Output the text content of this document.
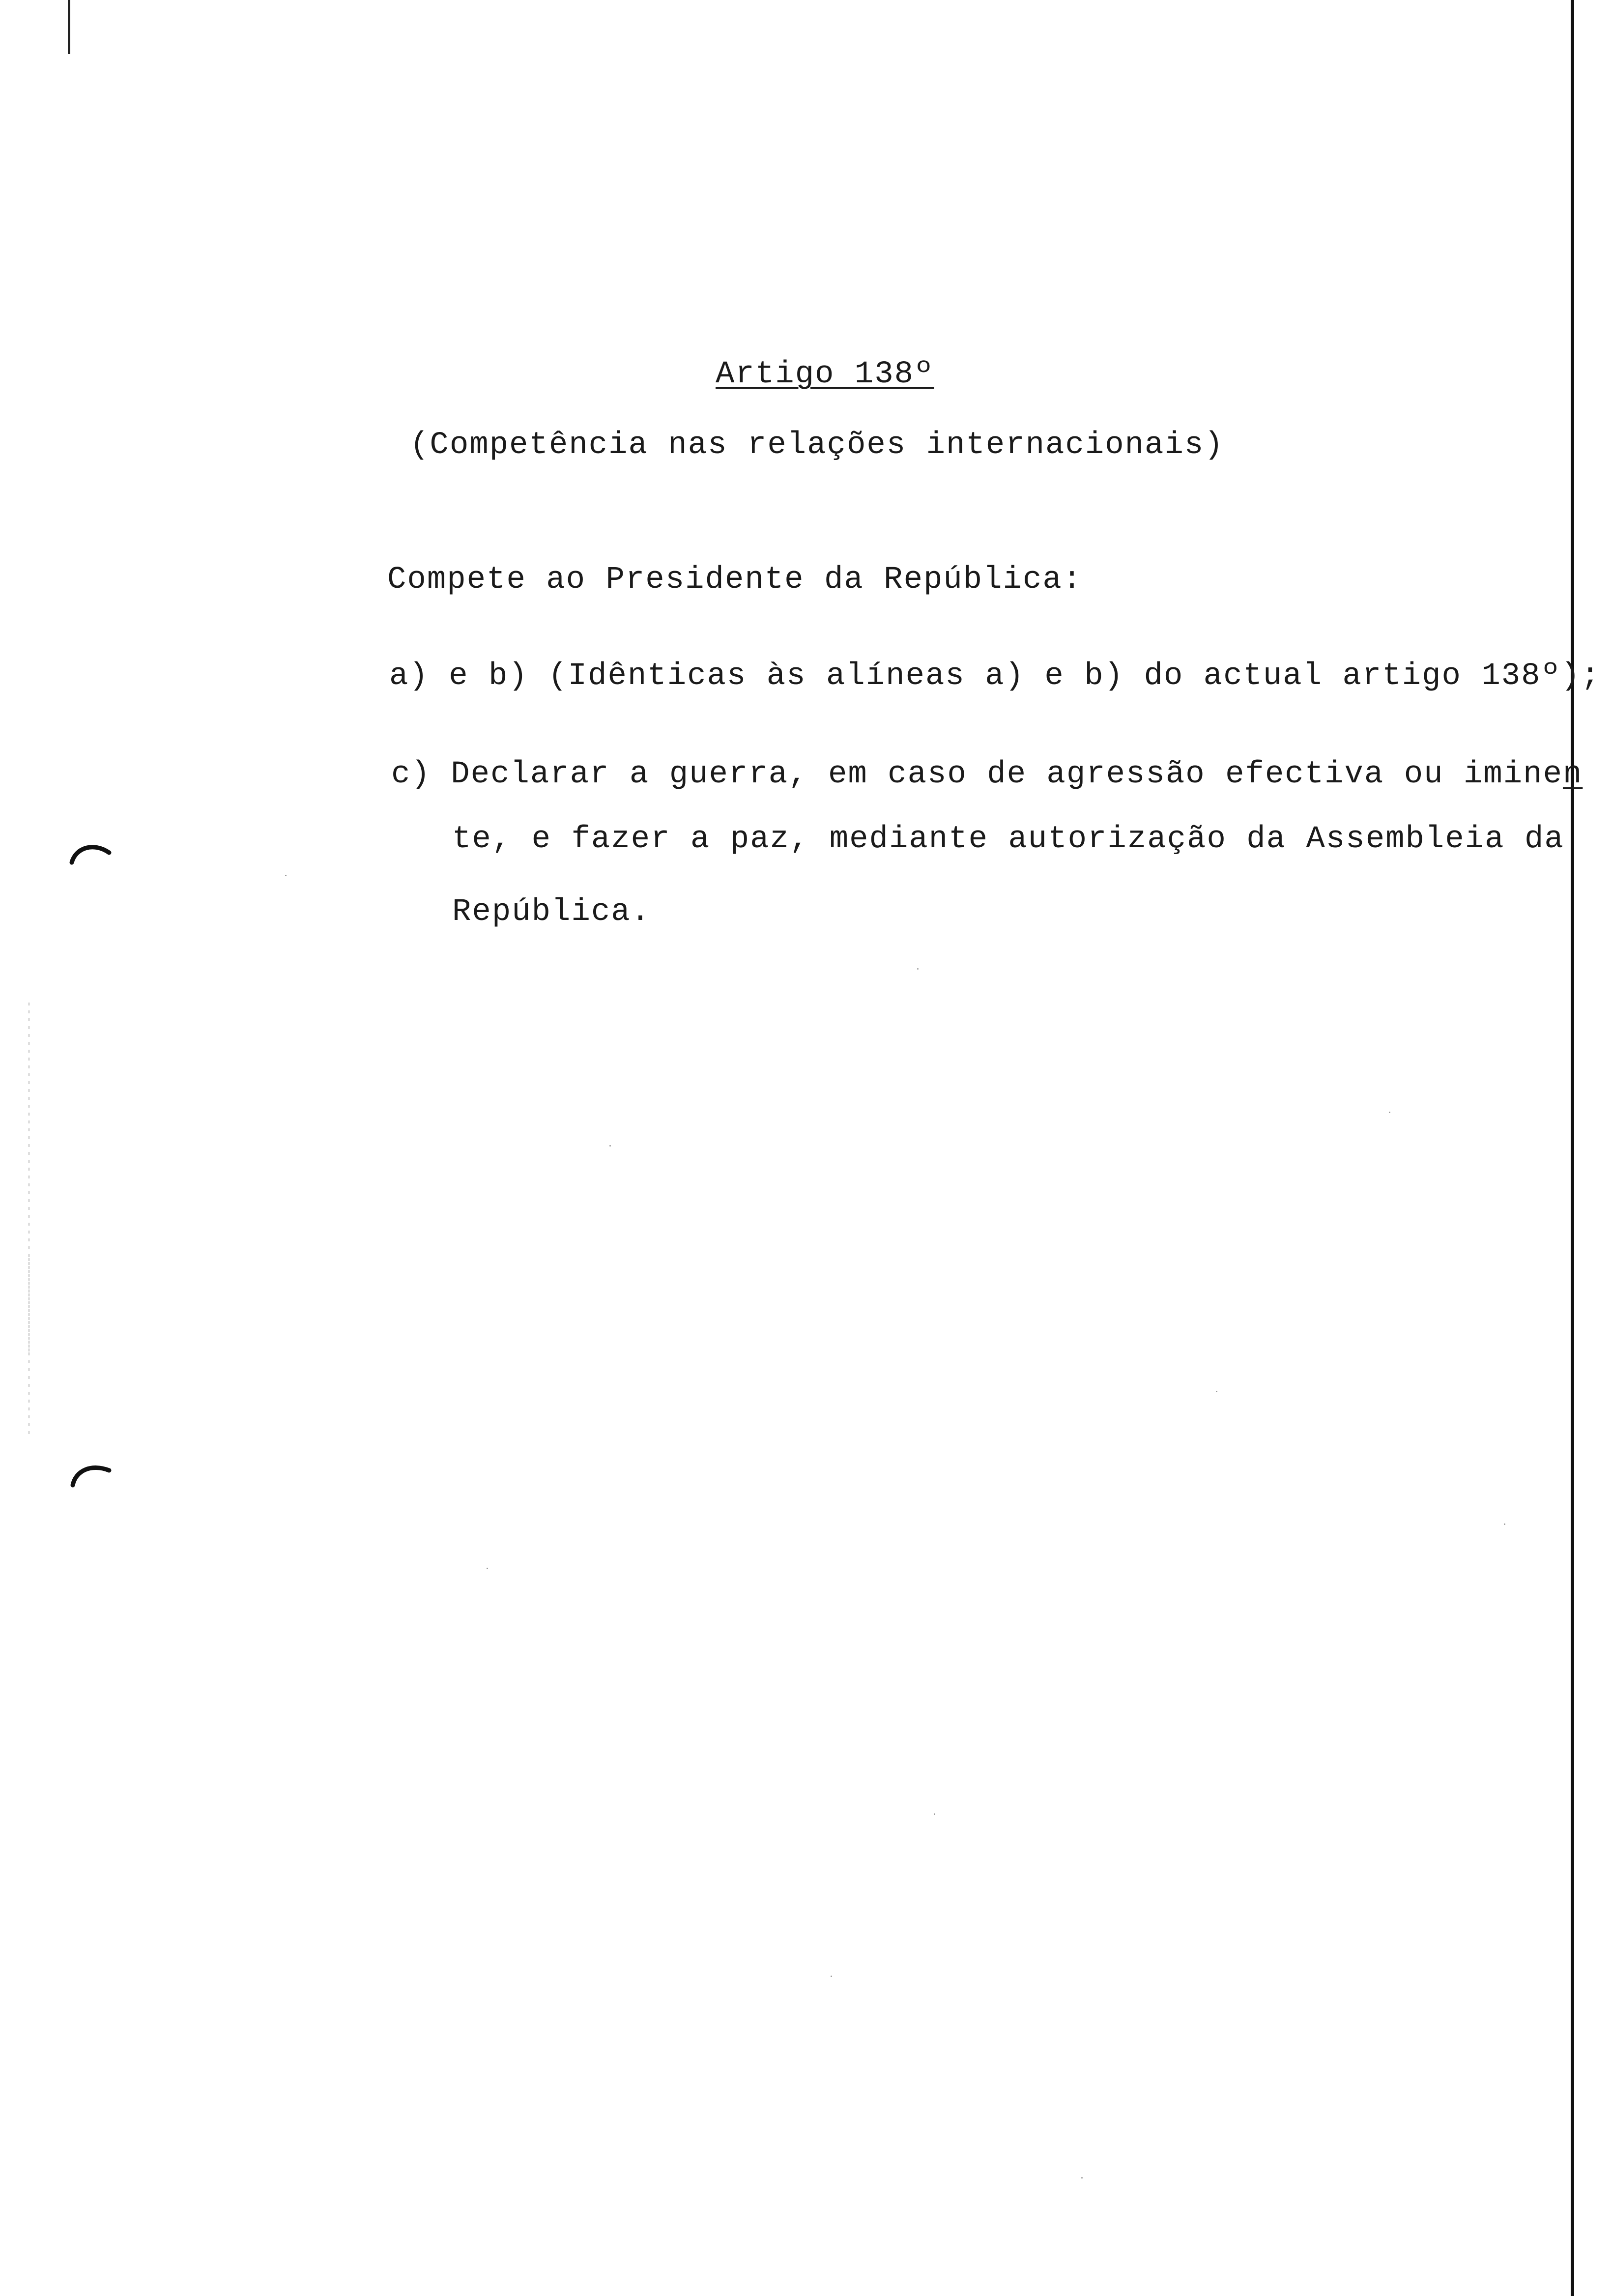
Artigo 138º
(Competência nas relações internacionais)
Compete ao Presidente da República:
a) e b) (Idênticas às alíneas a) e b) do actual artigo 138º);
c) Declarar a guerra, em caso de agressão efectiva ou iminen
te, e fazer a paz, mediante autorização da Assembleia da
República.
